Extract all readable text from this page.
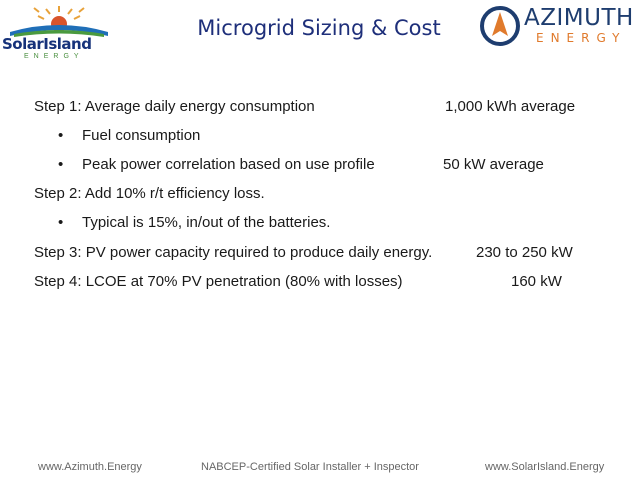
SolarIsland
ENERGY
Microgrid Sizing & Cost	AZIMUTH
ENERGY
Step 1: Average daily energy consumption	1,000 kWh average
• Fuel consumption
• Peak power correlation based on use profile	50 kW average
Step 2: Add 10% r/t efficiency loss.
• Typical is 15%, in/out of the batteries.
Step 3: PV power capacity required to produce daily energy.	230 to 250 kW
Step 4: LCOE at 70% PV penetration (80% with losses)	160 kW
www.Azimuth.Energy	NABCEP-Certified Solar Installer + Inspector	www.SolarIsland.Energy
